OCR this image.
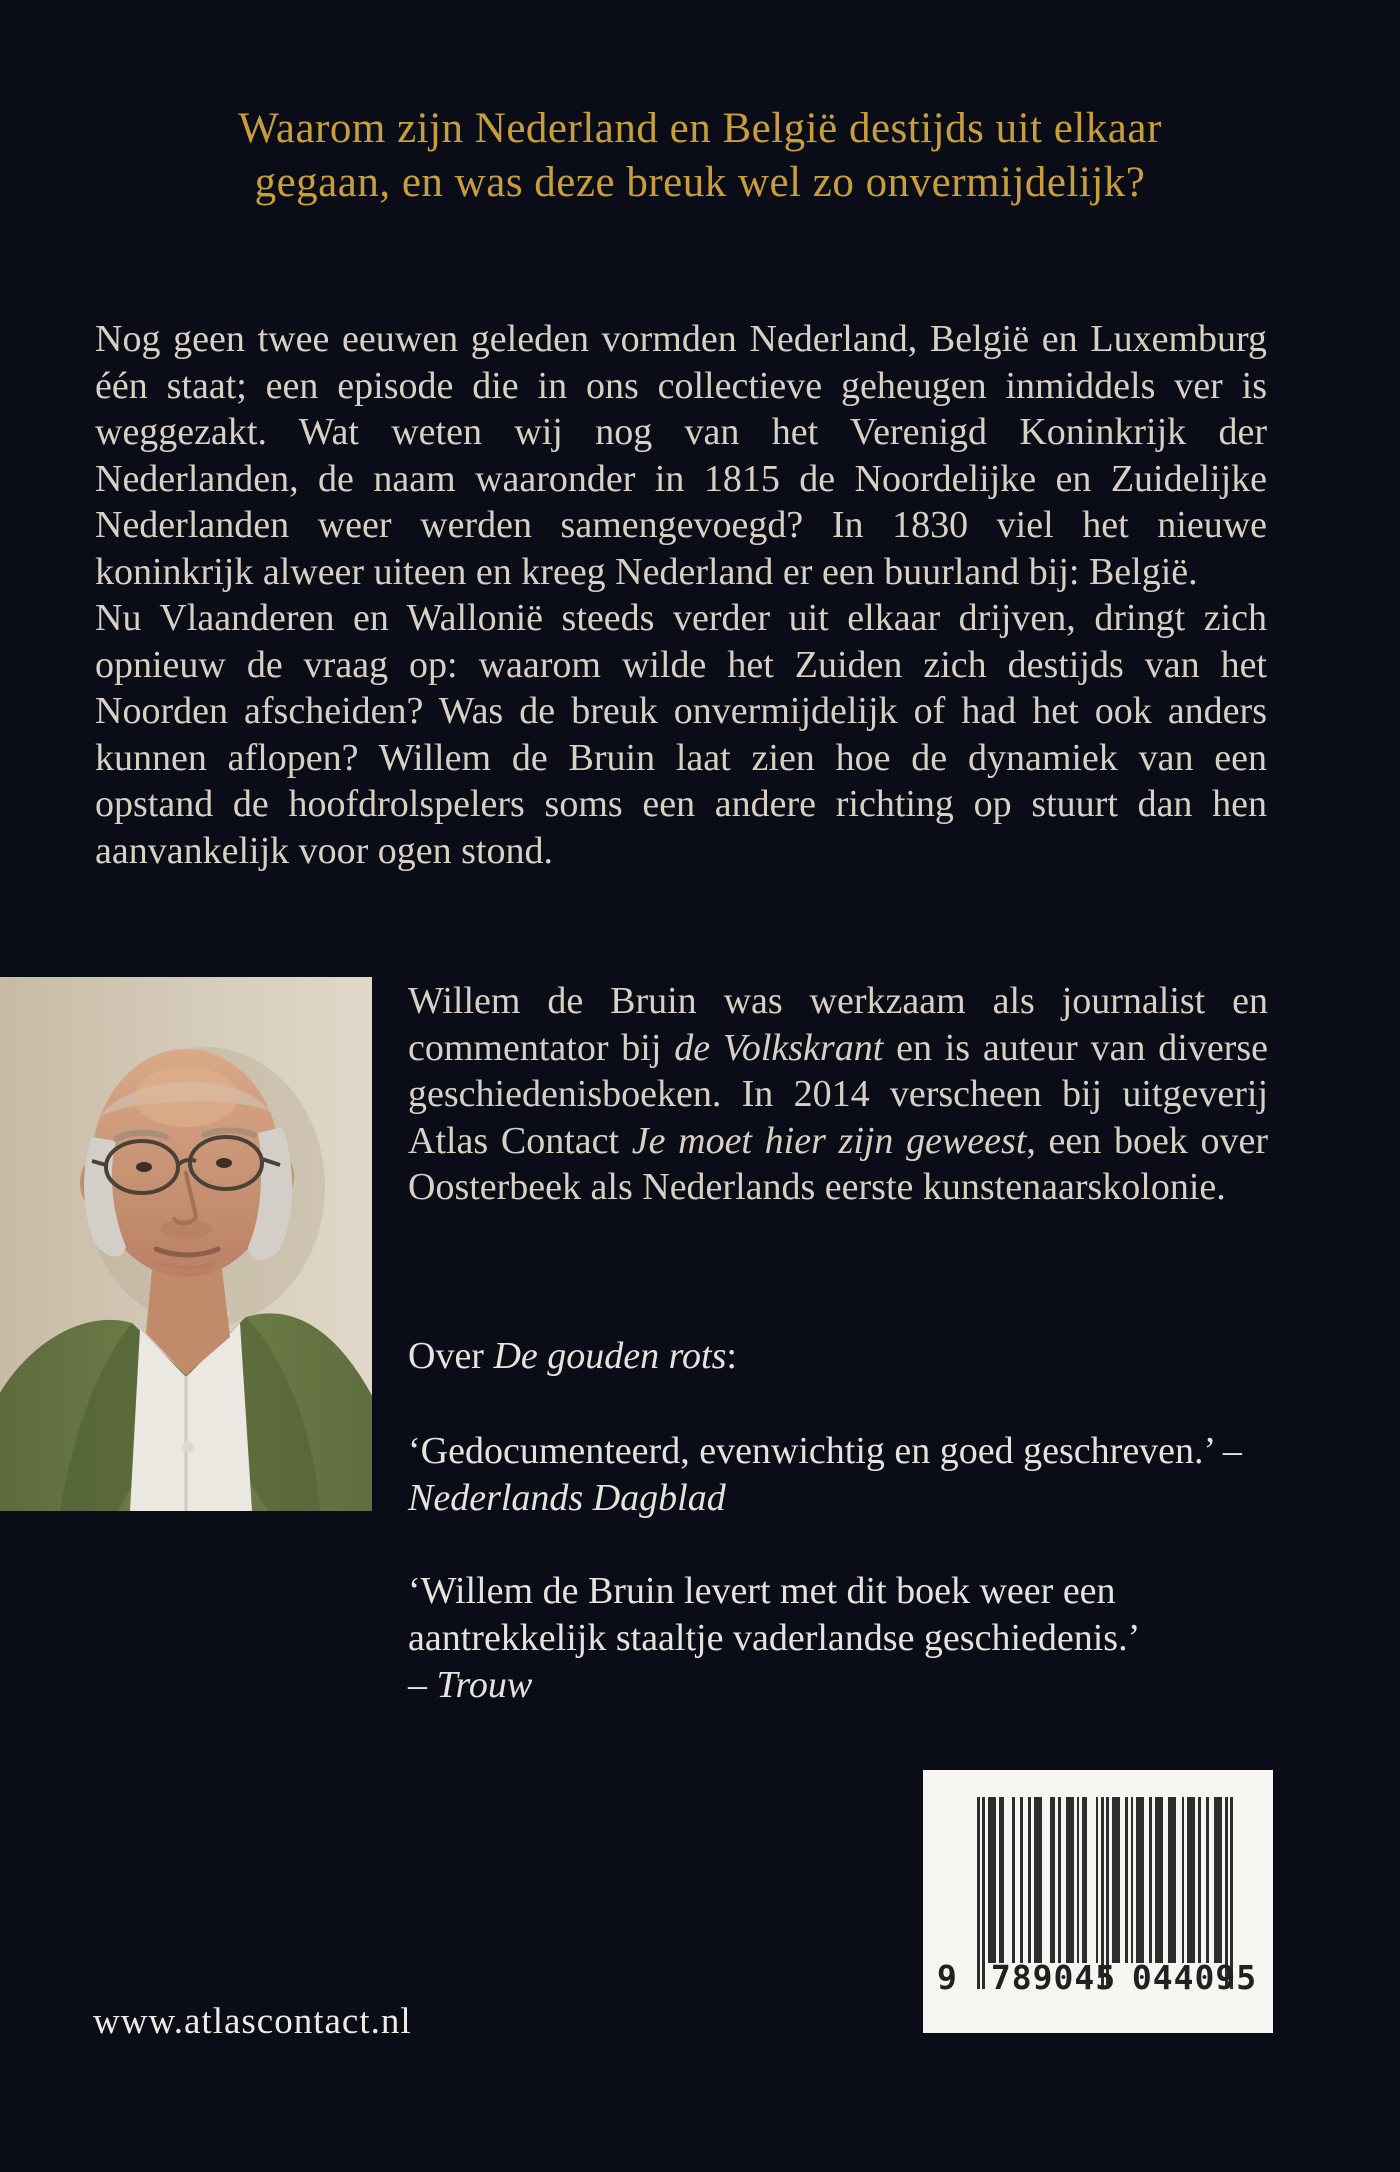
Waarom zijn Nederland en België destijds uit elkaar
gegaan, en was deze breuk wel zo onvermijdelijk?

Nog geen twee eeuwen geleden vormden Nederland, België en Luxemburg één staat; een episode die in ons collectieve geheugen inmiddels ver is weggezakt. Wat weten wij nog van het Verenigd Koninkrijk der Nederlanden, de naam waaronder in 1815 de Noordelijke en Zuidelijke Nederlanden weer werden samengevoegd? In 1830 viel het nieuwe koninkrijk alweer uiteen en kreeg Nederland er een buurland bij: België.

Nu Vlaanderen en Wallonië steeds verder uit elkaar drijven, dringt zich opnieuw de vraag op: waarom wilde het Zuiden zich destijds van het Noorden afscheiden? Was de breuk onvermijdelijk of had het ook anders kunnen aflopen? Willem de Bruin laat zien hoe de dynamiek van een opstand de hoofdrolspelers soms een andere richting op stuurt dan hen aanvankelijk voor ogen stond.

Willem de Bruin was werkzaam als journalist en commentator bij de Volkskrant en is auteur van diverse geschiedenisboeken. In 2014 verscheen bij uitgeverij Atlas Contact Je moet hier zijn geweest, een boek over Oosterbeek als Nederlands eerste kunstenaarskolonie.
Over De gouden rots:
‘Gedocumenteerd, evenwichtig en goed geschreven.’ – Nederlands Dagblad
‘Willem de Bruin levert met dit boek weer een aantrekkelijk staaltje vaderlandse geschiedenis.’
– Trouw
www.atlascontact.nl
9	789045 044095
